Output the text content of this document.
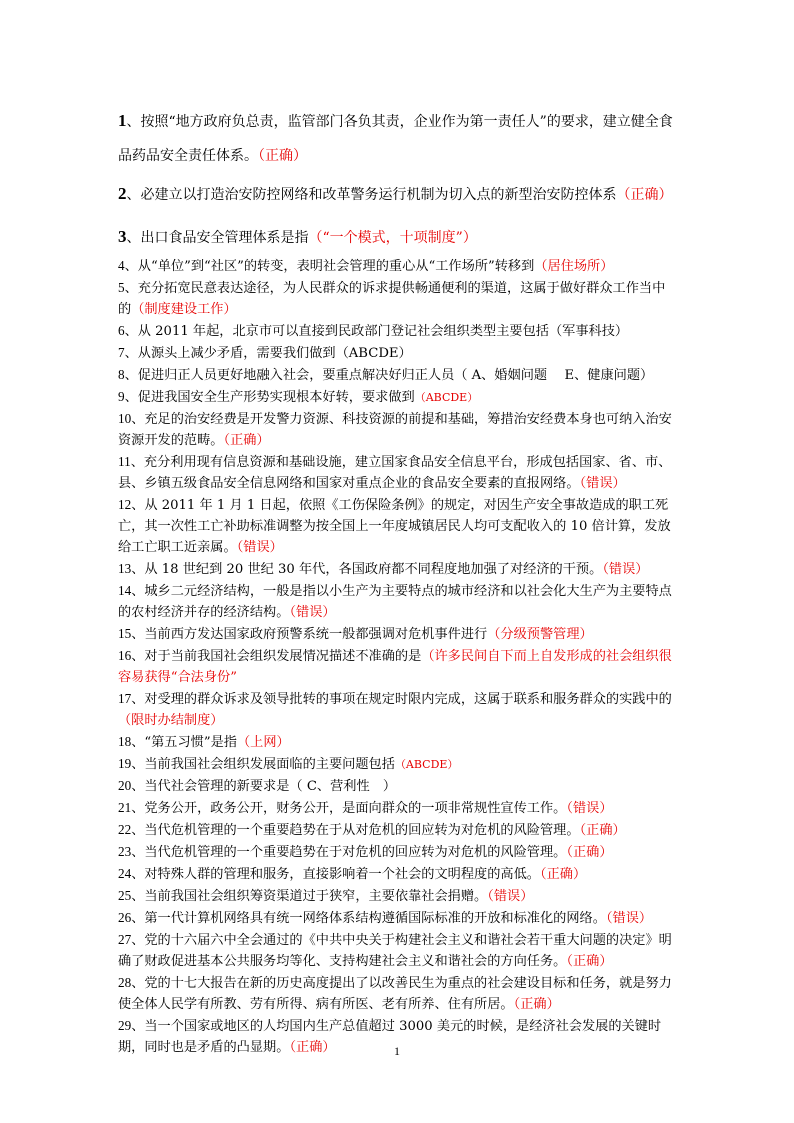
1、按照“地方政府负总责，监管部门各负其责，企业作为第一责任人”的要求，建立健全食品药品安全责任体系。（正确）

2、必建立以打造治安防控网络和改革警务运行机制为切入点的新型治安防控体系（正确）

3、出口食品安全管理体系是指（“一个模式，十项制度”）

4、从“单位”到“社区”的转变，表明社会管理的重心从“工作场所”转移到（居住场所）

5、充分拓宽民意表达途径，为人民群众的诉求提供畅通便利的渠道，这属于做好群众工作当中的（制度建设工作）

6、从 2011 年起，北京市可以直接到民政部门登记社会组织类型主要包括（军事科技）

7、从源头上减少矛盾，需要我们做到（ABCDE）

8、促进归正人员更好地融入社会，要重点解决好归正人员（ A、婚姻问题　 E、健康问题）

9、促进我国安全生产形势实现根本好转，要求做到（ABCDE）

10、充足的治安经费是开发警力资源、科技资源的前提和基础，筹措治安经费本身也可纳入治安资源开发的范畴。（正确）

11、充分利用现有信息资源和基础设施，建立国家食品安全信息平台，形成包括国家、省、市、县、乡镇五级食品安全信息网络和国家对重点企业的食品安全要素的直报网络。（错误）

12、从 2011 年 1 月 1 日起，依照《工伤保险条例》的规定，对因生产安全事故造成的职工死亡，其一次性工亡补助标准调整为按全国上一年度城镇居民人均可支配收入的 10 倍计算，发放给工亡职工近亲属。（错误）

13、从 18 世纪到 20 世纪 30 年代，各国政府都不同程度地加强了对经济的干预。（错误）

14、城乡二元经济结构，一般是指以小生产为主要特点的城市经济和以社会化大生产为主要特点的农村经济并存的经济结构。（错误）

15、当前西方发达国家政府预警系统一般都强调对危机事件进行（分级预警管理）

16、对于当前我国社会组织发展情况描述不准确的是（许多民间自下而上自发形成的社会组织很容易获得“合法身份”

17、对受理的群众诉求及领导批转的事项在规定时限内完成，这属于联系和服务群众的实践中的（限时办结制度）

18、“第五习惯”是指（上网）

19、当前我国社会组织发展面临的主要问题包括（ABCDE）

20、当代社会管理的新要求是（ C、营利性　）

21、党务公开，政务公开，财务公开，是面向群众的一项非常规性宣传工作。（错误）

22、当代危机管理的一个重要趋势在于从对危机的回应转为对危机的风险管理。（正确）

23、当代危机管理的一个重要趋势在于对危机的回应转为对危机的风险管理。（正确）

24、对特殊人群的管理和服务，直接影响着一个社会的文明程度的高低。（正确）

25、当前我国社会组织筹资渠道过于狭窄，主要依靠社会捐赠。（错误）

26、第一代计算机网络具有统一网络体系结构遵循国际标准的开放和标准化的网络。（错误）

27、党的十六届六中全会通过的《中共中央关于构建社会主义和谐社会若干重大问题的决定》明确了财政促进基本公共服务均等化、支持构建社会主义和谐社会的方向任务。（正确）

28、党的十七大报告在新的历史高度提出了以改善民生为重点的社会建设目标和任务，就是努力使全体人民学有所教、劳有所得、病有所医、老有所养、住有所居。（正确）

29、当一个国家或地区的人均国内生产总值超过 3000 美元的时候，是经济社会发展的关键时期，同时也是矛盾的凸显期。（正确）	1
